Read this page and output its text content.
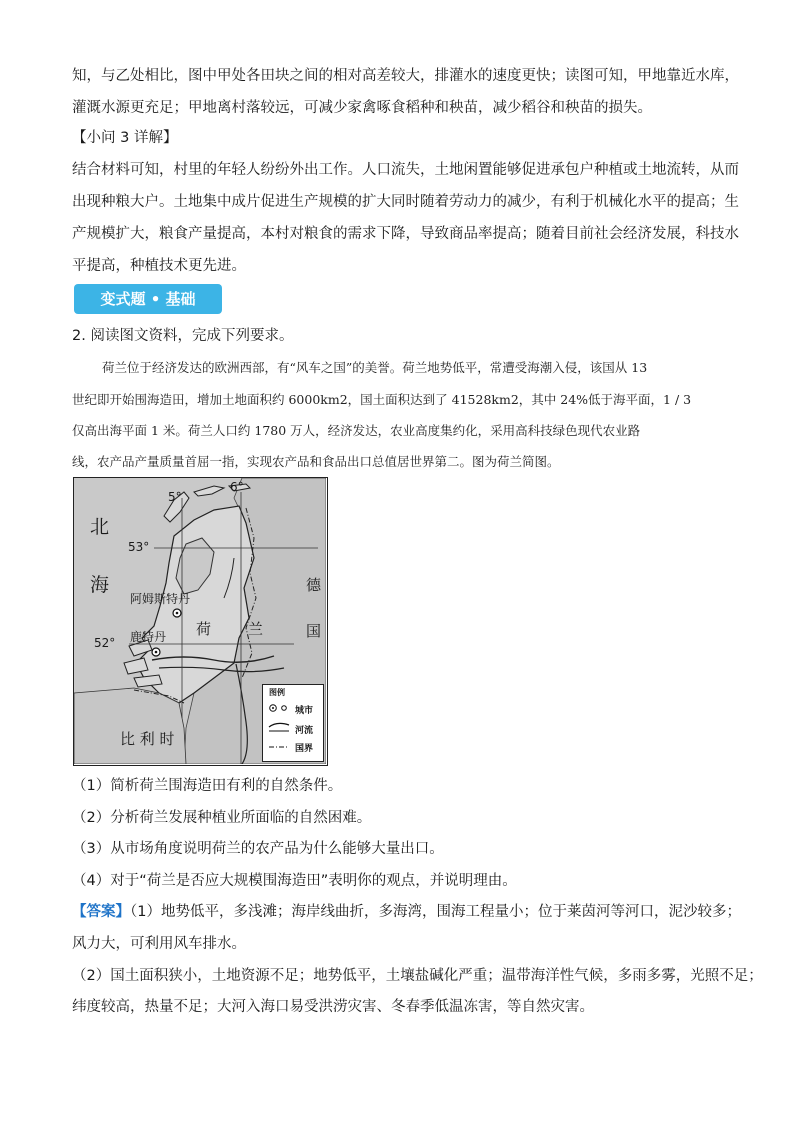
知，与乙处相比，图中甲处各田块之间的相对高差较大，排灌水的速度更快；读图可知，甲地靠近水库，
灌溉水源更充足；甲地离村落较远，可减少家禽啄食稻种和秧苗，减少稻谷和秧苗的损失。
【小问 3 详解】
结合材料可知，村里的年轻人纷纷外出工作。人口流失，土地闲置能够促进承包户种植或土地流转，从而
出现种粮大户。土地集中成片促进生产规模的扩大同时随着劳动力的减少，有利于机械化水平的提高；生
产规模扩大，粮食产量提高，本村对粮食的需求下降，导致商品率提高；随着目前社会经济发展，科技水
平提高，种植技术更先进。
变式题 • 基础
2. 阅读图文资料，完成下列要求。
荷兰位于经济发达的欧洲西部，有“风车之国”的美誉。荷兰地势低平，常遭受海潮入侵，该国从 13
世纪即开始围海造田，增加土地面积约 6000km2，国土面积达到了 41528km2，其中 24%低于海平面，1 / 3
仅高出海平面 1 米。荷兰人口约 1780 万人，经济发达，农业高度集约化，采用高科技绿色现代农业路
线，农产品产量质量首屈一指，实现农产品和食品出口总值居世界第二。图为荷兰简图。
5°
6°
53°
52°
北
海
荷 兰
德
国
比 利 时
阿姆斯特丹
鹿特丹
图例
城市
河流
国界
（1）简析荷兰围海造田有利的自然条件。
（2）分析荷兰发展种植业所面临的自然困难。
（3）从市场角度说明荷兰的农产品为什么能够大量出口。
（4）对于“荷兰是否应大规模围海造田”表明你的观点，并说明理由。
【答案】（1）地势低平，多浅滩；海岸线曲折，多海湾，围海工程量小；位于莱茵河等河口，泥沙较多；
风力大，可利用风车排水。
（2）国土面积狭小，土地资源不足；地势低平，土壤盐碱化严重；温带海洋性气候，多雨多雾，光照不足；
纬度较高，热量不足；大河入海口易受洪涝灾害、冬春季低温冻害，等自然灾害。
